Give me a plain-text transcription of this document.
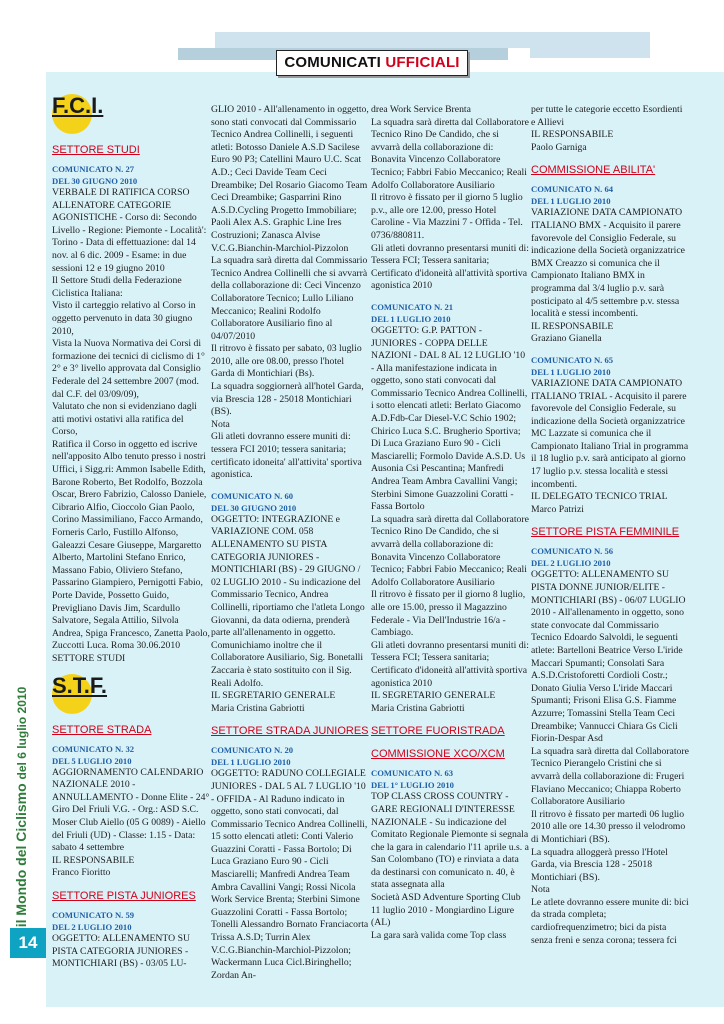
il Mondo del Ciclismo del 6 luglio 2010
14
COMUNICATI UFFICIALI
F.C.I.
SETTORE STUDI

COMUNICATO N. 27

DEL 30 GIUGNO 2010

VERBALE DI RATIFICA CORSO ALLENATORE CATEGORIE AGONISTICHE - Corso di: Secondo Livello - Regione: Piemonte - Località': Torino - Data di effettuazione: dal 14 nov. al 6 dic. 2009 - Esame: in due sessioni 12 e 19 giugno 2010
Il Settore Studi della Federazione Ciclistica Italiana:
Visto il carteggio relativo al Corso in oggetto pervenuto in data 30 giugno 2010,
Vista la Nuova Normativa dei Corsi di formazione dei tecnici di ciclismo di 1° 2° e 3° livello approvata dal Consiglio Federale del 24 settembre 2007 (mod. dal C.F. del 03/09/09),
Valutato che non si evidenziano dagli atti motivi ostativi alla ratifica del Corso,
Ratifica il Corso in oggetto ed iscrive nell'apposito Albo tenuto presso i nostri Uffici, i Sigg.ri: Ammon Isabelle Edith, Barone Roberto, Bet Rodolfo, Bozzola Oscar, Brero Fabrizio, Calosso Daniele, Cibrario Alfio, Cioccolo Gian Paolo, Corino Massimiliano, Facco Armando, Forneris Carlo, Fustillo Alfonso, Galeazzi Cesare Giuseppe, Margaretto Alberto, Martolini Stefano Enrico, Massano Fabio, Oliviero Stefano, Passarino Giampiero, Pernigotti Fabio, Porte Davide, Possetto Guido, Previgliano Davis Jim, Scardullo Salvatore, Segala Attilio, Silvola Andrea, Spiga Francesco, Zanetta Paolo, Zuccotti Luca. Roma 30.06.2010
SETTORE STUDI

S.T.F.
SETTORE STRADA

COMUNICATO N. 32

DEL 5 LUGLIO 2010

AGGIORNAMENTO CALENDARIO NAZIONALE 2010 - ANNULLAMENTO - Donne Elite - 24° Giro Del Friuli V.G. - Org.: ASD S.C. Moser Club Aiello (05 G 0089) - Aiello del Friuli (UD) - Classe: 1.15 - Data: sabato 4 settembre
IL RESPONSABILE
Franco Fioritto

SETTORE PISTA JUNIORES

COMUNICATO N. 59

DEL 2 LUGLIO 2010

OGGETTO: ALLENAMENTO SU PISTA CATEGORIA JUNIORES - MONTICHIARI (BS) - 03/05 LU-

GLIO 2010 - All'allenamento in oggetto, sono stati convocati dal Commissario Tecnico Andrea Collinelli, i seguenti atleti: Botosso Daniele A.S.D Sacilese Euro 90 P3; Catellini Mauro U.C. Scat A.D.; Ceci Davide Team Ceci Dreambike; Del Rosario Giacomo Team Ceci Dreambike; Gasparrini Rino A.S.D.Cycling Progetto Immobiliare; Paoli Alex A.S. Graphic Line Ires Costruzioni; Zanasca Alvise V.C.G.Bianchin-Marchiol-Pizzolon
La squadra sarà diretta dal Commissario Tecnico Andrea Collinelli che si avvarrà della collaborazione di: Ceci Vincenzo Collaboratore Tecnico; Lullo Liliano Meccanico; Realini Rodolfo Collaboratore Ausiliario fino al 04/07/2010
Il ritrovo è fissato per sabato, 03 luglio 2010, alle ore 08.00, presso l'hotel Garda di Montichiari (Bs).
La squadra soggiornerà all'hotel Garda, via Brescia 128 - 25018 Montichiari (BS).
Nota
Gli atleti dovranno essere muniti di: tessera FCI 2010; tessera sanitaria; certificato idoneita' all'attivita' sportiva agonistica.

COMUNICATO N. 60

DEL 30 GIUGNO 2010

OGGETTO: INTEGRAZIONE e VARIAZIONE COM. 058 ALLENAMENTO SU PISTA CATEGORIA JUNIORES - MONTICHIARI (BS) - 29 GIUGNO / 02 LUGLIO 2010 - Su indicazione del Commissario Tecnico, Andrea Collinelli, riportiamo che l'atleta Longo Giovanni, da data odierna, prenderà parte all'allenamento in oggetto.
Comunichiamo inoltre che il Collaboratore Ausiliario, Sig. Bonetalli Zaccaria è stato sostituito con il Sig. Reali Adolfo.
IL SEGRETARIO GENERALE
Maria Cristina Gabriotti

SETTORE STRADA JUNIORES

COMUNICATO N. 20

DEL 1 LUGLIO 2010

OGGETTO: RADUNO COLLEGIALE JUNIORES - DAL 5 AL 7 LUGLIO '10 - OFFIDA - Al Raduno indicato in oggetto, sono stati convocati, dal Commissario Tecnico Andrea Collinelli, 15 sotto elencati atleti: Conti Valerio Guazzini Coratti - Fassa Bortolo; Di Luca Graziano Euro 90 - Cicli Masciarelli; Manfredi Andrea Team Ambra Cavallini Vangi; Rossi Nicola Work Service Brenta; Sterbini Simone Guazzolini Coratti - Fassa Bortolo; Tonelli Alessandro Bornato Franciacorta Trissa A.S.D; Turrin Alex V.C.G.Bianchin-Marchiol-Pizzolon; Wackermann Luca Cicl.Biringhello; Zordan An-

drea Work Service Brenta
La squadra sarà diretta dal Collaboratore Tecnico Rino De Candido, che si avvarrà della collaborazione di: Bonavita Vincenzo Collaboratore Tecnico; Fabbri Fabio Meccanico; Reali Adolfo Collaboratore Ausiliario
Il ritrovo è fissato per il giorno 5 luglio p.v., alle ore 12.00, presso Hotel Caroline - Via Mazzini 7 - Offida - Tel. 0736/880811.
Gli atleti dovranno presentarsi muniti di: Tessera FCI; Tessera sanitaria; Certificato d'idoneità all'attività sportiva agonistica 2010

COMUNICATO N. 21

DEL 1 LUGLIO 2010

OGGETTO: G.P. PATTON - JUNIORES - COPPA DELLE NAZIONI - DAL 8 AL 12 LUGLIO '10 - Alla manifestazione indicata in oggetto, sono stati convocati dal Commissario Tecnico Andrea Collinelli, i sotto elencati atleti: Berlato Giacomo A.D.Fdb-Car Diesel-V.C Schio 1902; Chirico Luca S.C. Brugherio Sportiva; Di Luca Graziano Euro 90 - Cicli Masciarelli; Formolo Davide A.S.D. Us Ausonia Csi Pescantina; Manfredi Andrea Team Ambra Cavallini Vangi; Sterbini Simone Guazzolini Coratti - Fassa Bortolo
La squadra sarà diretta dal Collaboratore Tecnico Rino De Candido, che si avvarrà della collaborazione di: Bonavita Vincenzo Collaboratore Tecnico; Fabbri Fabio Meccanico; Reali Adolfo Collaboratore Ausiliario
Il ritrovo è fissato per il giorno 8 luglio, alle ore 15.00, presso il Magazzino Federale - Via Dell'Industrie 16/a - Cambiago.
Gli atleti dovranno presentarsi muniti di: Tessera FCI; Tessera sanitaria; Certificato d'idoneità all'attività sportiva agonistica 2010
IL SEGRETARIO GENERALE
Maria Cristina Gabriotti

SETTORE FUORISTRADA
COMMISSIONE XCO/XCM

COMUNICATO N. 63

DEL 1° LUGLIO 2010

TOP CLASS CROSS COUNTRY - GARE REGIONALI D'INTERESSE NAZIONALE - Su indicazione del Comitato Regionale Piemonte si segnala che la gara in calendario l'11 aprile u.s. a San Colombano (TO) e rinviata a data da destinarsi con comunicato n. 40, è stata assegnata alla
Società ASD Adventure Sporting Club
11 luglio 2010 - Mongiardino Ligure (AL)
La gara sarà valida come Top class

per tutte le categorie eccetto Esordienti e Allievi
IL RESPONSABILE
Paolo Garniga

COMMISSIONE ABILITA'

COMUNICATO N. 64

DEL 1 LUGLIO 2010

VARIAZIONE DATA CAMPIONATO ITALIANO BMX - Acquisito il parere favorevole del Consiglio Federale, su indicazione della Società organizzatrice BMX Creazzo si comunica che il Campionato Italiano BMX in programma dal 3/4 luglio p.v. sarà posticipato al 4/5 settembre p.v. stessa località e stessi incombenti.
IL RESPONSABILE
Graziano Gianella

COMUNICATO N. 65

DEL 1 LUGLIO 2010

VARIAZIONE DATA CAMPIONATO ITALIANO TRIAL - Acquisito il parere favorevole del Consiglio Federale, su indicazione della Società organizzatrice MC Lazzate si comunica che il Campionato Italiano Trial in programma il 18 luglio p.v. sarà anticipato al giorno 17 luglio p.v. stessa località e stessi incombenti.
IL DELEGATO TECNICO TRIAL
Marco Patrizi

SETTORE PISTA FEMMINILE

COMUNICATO N. 56

DEL 2 LUGLIO 2010

OGGETTO: ALLENAMENTO SU PISTA DONNE JUNIOR/ELITE - MONTICHIARI (BS) - 06/07 LUGLIO 2010 - All'allenamento in oggetto, sono state convocate dal Commissario Tecnico Edoardo Salvoldi, le seguenti atlete: Bartelloni Beatrice Verso L'iride Maccari Spumanti; Consolati Sara A.S.D.Cristoforetti Cordioli Costr.; Donato Giulia Verso L'iride Maccari Spumanti; Frisoni Elisa G.S. Fiamme Azzurre; Tomassini Stella Team Ceci Dreambike; Vannucci Chiara Gs Cicli Fiorin-Despar Asd
La squadra sarà diretta dal Collaboratore Tecnico Pierangelo Cristini che si avvarrà della collaborazione di: Frugeri Flaviano Meccanico; Chiappa Roberto Collaboratore Ausiliario
Il ritrovo è fissato per martedì 06 luglio 2010 alle ore 14.30 presso il velodromo di Montichiari (BS).
La squadra alloggerà presso l'Hotel Garda, via Brescia 128 - 25018 Montichiari (BS).
Nota
Le atlete dovranno essere munite di: bici da strada completa; cardiofrequenzimetro; bici da pista senza freni e senza corona; tessera fci
